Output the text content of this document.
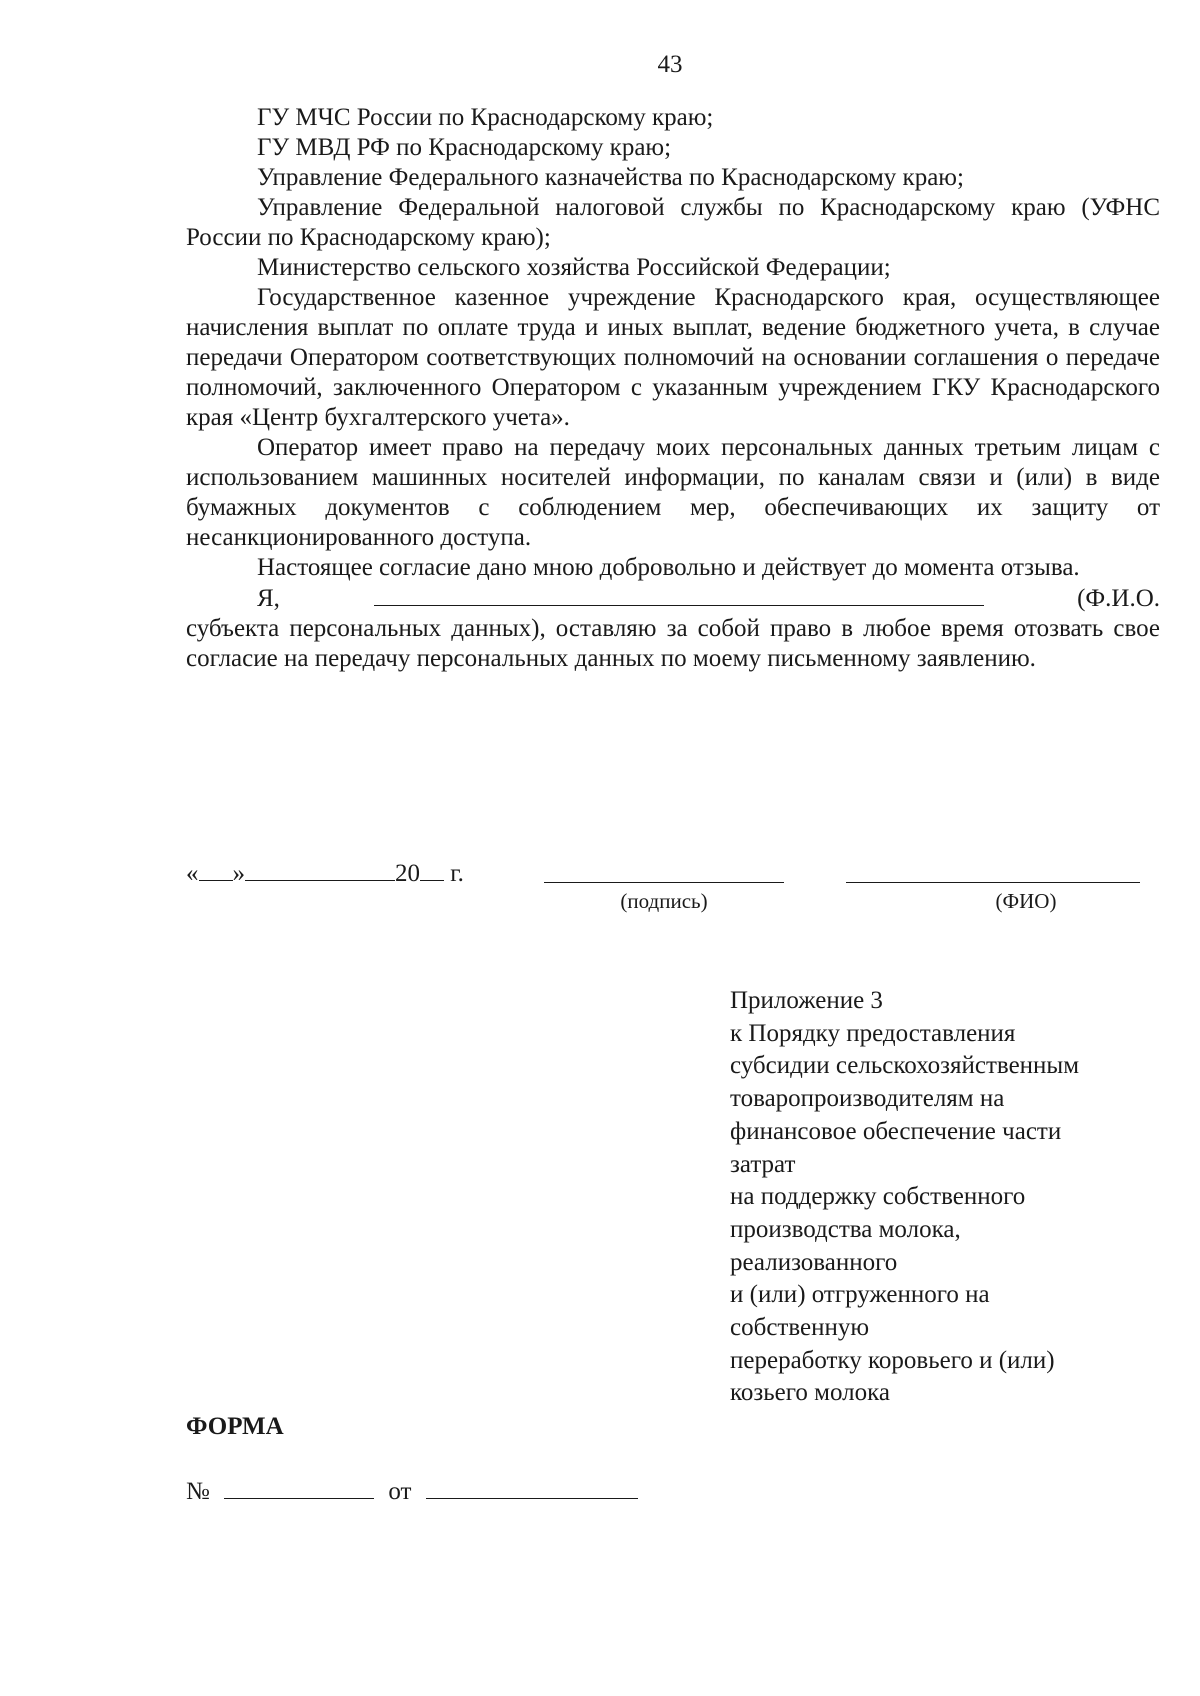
43

ГУ МЧС России по Краснодарскому краю;

ГУ МВД РФ по Краснодарскому краю;

Управление Федерального казначейства по Краснодарскому краю;

Управление Федеральной налоговой службы по Краснодарскому краю (УФНС России по Краснодарскому краю);

Министерство сельского хозяйства Российской Федерации;

Государственное казенное учреждение Краснодарского края, осуществляющее начисления выплат по оплате труда и иных выплат, ведение бюджетного учета, в случае передачи Оператором соответствующих полномочий на основании соглашения о передаче полномочий, заключенного Оператором с указанным учреждением ГКУ Краснодарского края «Центр бухгалтерского учета».

Оператор имеет право на передачу моих персональных данных третьим лицам с использованием машинных носителей информации, по каналам связи и (или) в виде бумажных документов с соблюдением мер, обеспечивающих их защиту от несанкционированного доступа.

Настоящее согласие дано мною добровольно и действует до момента отзыва.

Я,	(Ф.И.О.

субъекта персональных данных), оставляю за собой право в любое время отозвать свое согласие на передачу персональных данных по моему письменному заявлению.

« »	20 г.
(подпись)	(ФИО)
Приложение 3
к Порядку предоставления
субсидии сельскохозяйственным
товаропроизводителям на
финансовое обеспечение части
затрат
на поддержку собственного
производства молока,
реализованного
и (или) отгруженного на
собственную
переработку коровьего и (или)
козьего молока
ФОРМА
№	от
